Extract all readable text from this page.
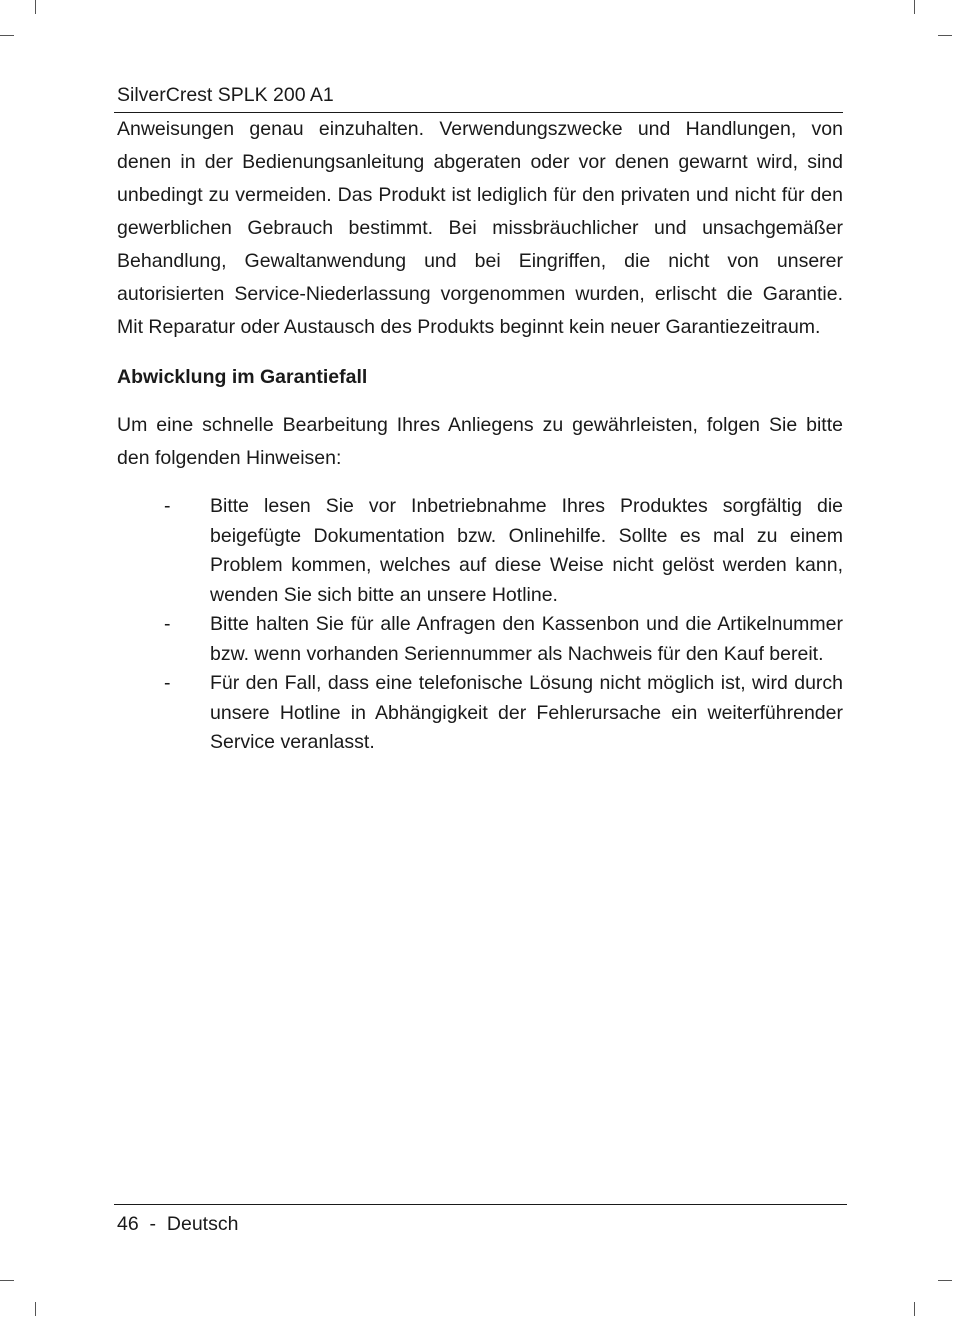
SilverCrest SPLK 200 A1

Anweisungen genau einzuhalten. Verwendungszwecke und Handlungen, von denen in der Bedienungsanleitung abgeraten oder vor denen gewarnt wird, sind unbedingt zu vermeiden. Das Produkt ist lediglich für den privaten und nicht für den gewerblichen Gebrauch bestimmt. Bei missbräuchlicher und unsachgemäßer Behandlung, Gewaltanwendung und bei Eingriffen, die nicht von unserer autorisierten Service-Niederlassung vorgenommen wurden, erlischt die Garantie. Mit Reparatur oder Austausch des Produkts beginnt kein neuer Garantiezeitraum.

Abwicklung im Garantiefall

Um eine schnelle Bearbeitung Ihres Anliegens zu gewährleisten, folgen Sie bitte den folgenden Hinweisen:

- Bitte lesen Sie vor Inbetriebnahme Ihres Produktes sorgfältig die beigefügte Dokumentation bzw. Onlinehilfe. Sollte es mal zu einem Problem kommen, welches auf diese Weise nicht gelöst werden kann, wenden Sie sich bitte an unsere Hotline.
- Bitte halten Sie für alle Anfragen den Kassenbon und die Artikelnummer bzw. wenn vorhanden Seriennummer als Nachweis für den Kauf bereit.
- Für den Fall, dass eine telefonische Lösung nicht möglich ist, wird durch unsere Hotline in Abhängigkeit der Fehlerursache ein weiterführender Service veranlasst.
46 - Deutsch
